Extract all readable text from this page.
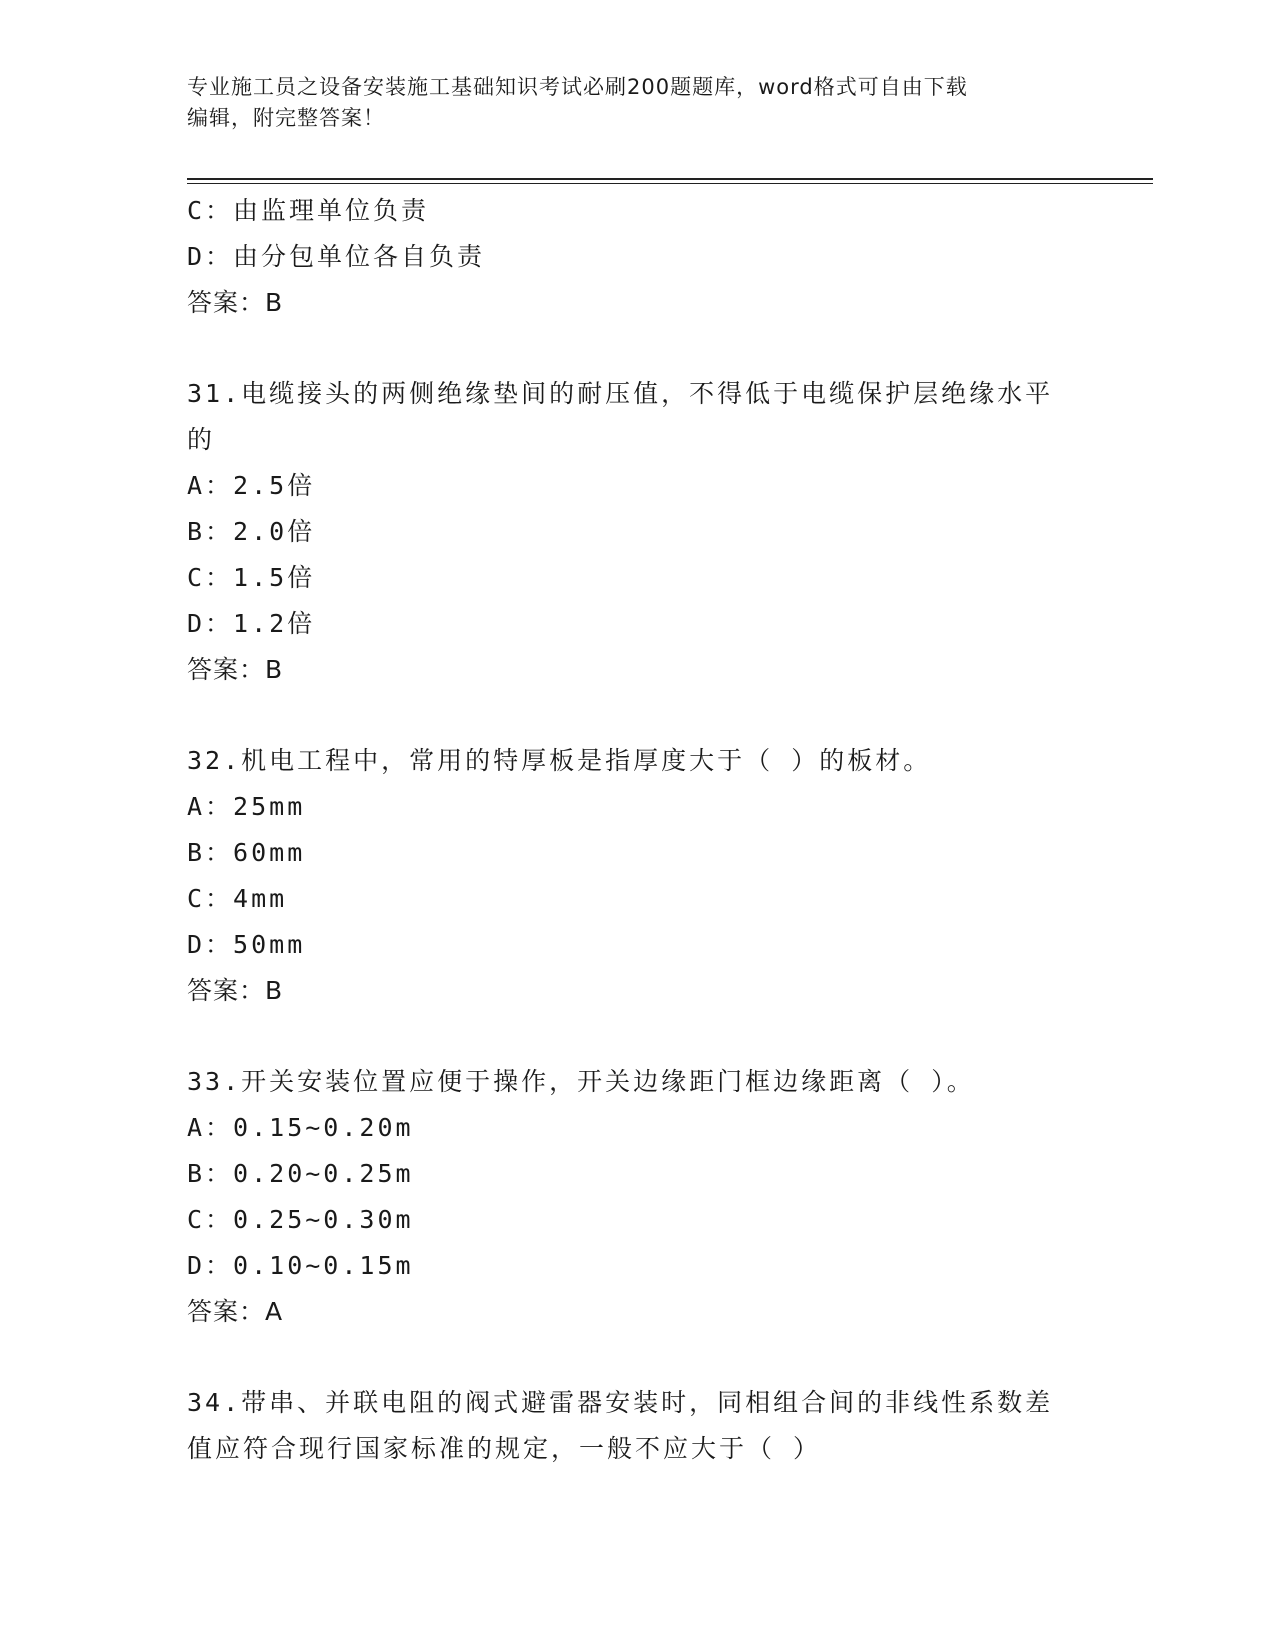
专业施工员之设备安装施工基础知识考试必刷200题题库，word格式可自由下载
编辑，附完整答案！
C：由监理单位负责
D：由分包单位各自负责
答案：B
31.电缆接头的两侧绝缘垫间的耐压值，不得低于电缆保护层绝缘水平
的
A：2.5倍
B：2.0倍
C：1.5倍
D：1.2倍
答案：B
32.机电工程中，常用的特厚板是指厚度大于（ ）的板材。
A：25mm
B：60mm
C：4mm
D：50mm
答案：B
33.开关安装位置应便于操作，开关边缘距门框边缘距离（ ）。
A：0.15~0.20m
B：0.20~0.25m
C：0.25~0.30m
D：0.10~0.15m
答案：A
34.带串、并联电阻的阀式避雷器安装时，同相组合间的非线性系数差
值应符合现行国家标准的规定，一般不应大于（ ）
